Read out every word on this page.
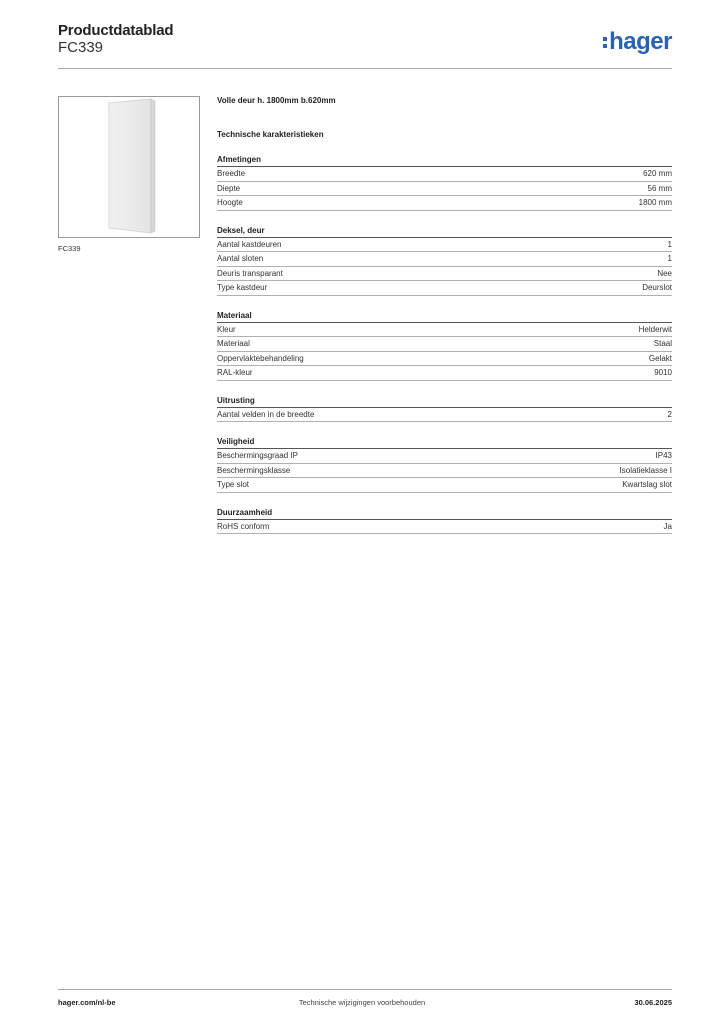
Productdatablad
FC339	hager
FC339
Volle deur h. 1800mm b.620mm
Technische karakteristieken
Afmetingen
Breedte	620 mm
Diepte	56 mm
Hoogte	1800 mm
Deksel, deur
Aantal kastdeuren	1
Aantal sloten	1
Deuris transparant	Nee
Type kastdeur	Deurslot
Materiaal
Kleur	Helderwit
Materiaal	Staal
Oppervlaktebehandeling	Gelakt
RAL-kleur	9010
Uitrusting
Aantal velden in de breedte	2
Veiligheid
Beschermingsgraad IP	IP43
Beschermingsklasse	Isolatieklasse I
Type slot	Kwartslag slot
Duurzaamheid
RoHS conform	Ja
hager.com/nl-be	Technische wijzigingen voorbehouden	30.06.2025
